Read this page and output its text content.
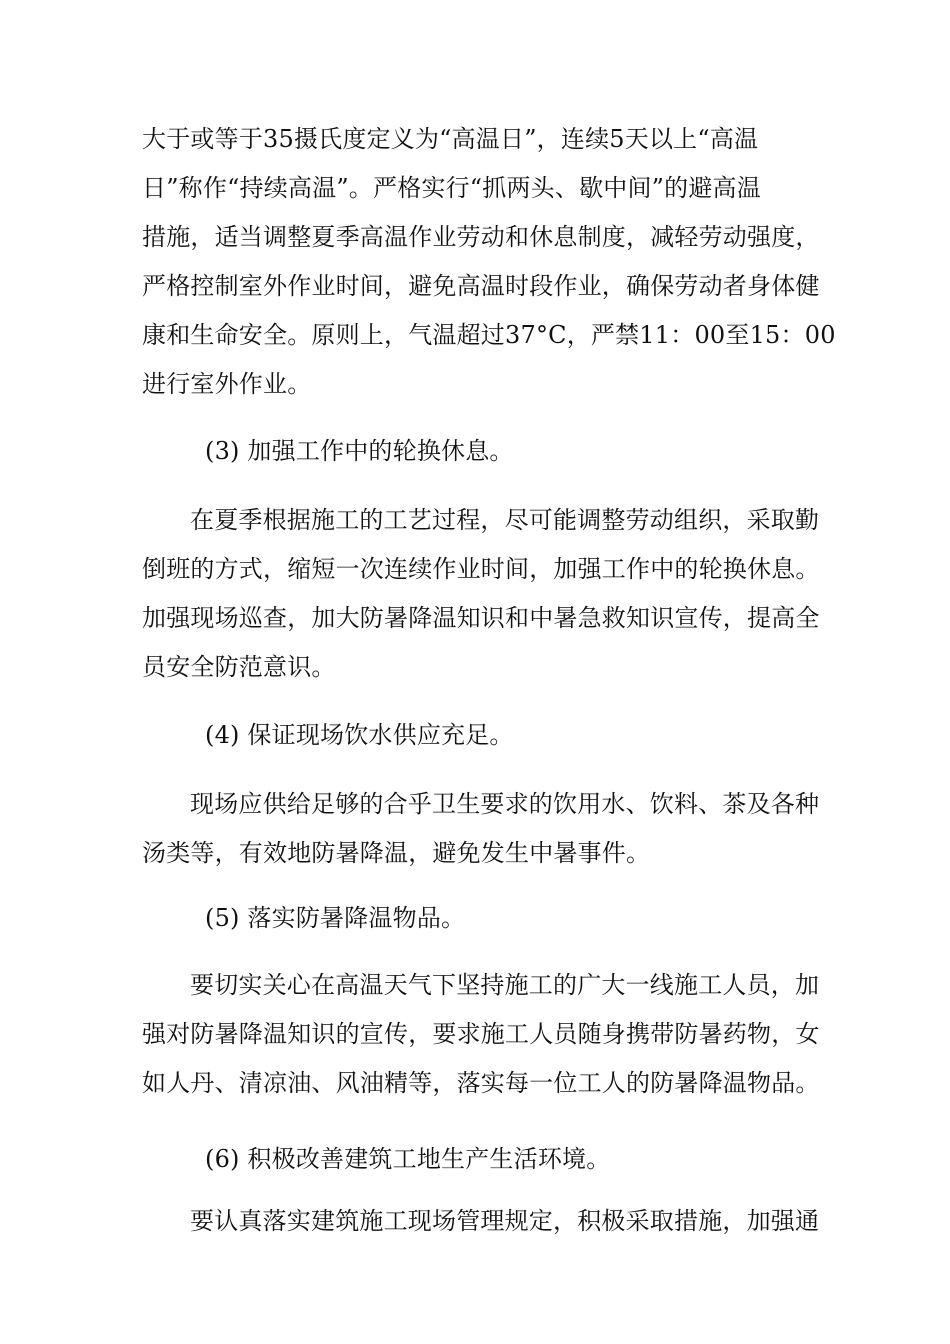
大于或等于35摄氏度定义为“高温日”，连续5天以上“高温
日”称作“持续高温”。严格实行“抓两头、歇中间”的避高温
措施，适当调整夏季高温作业劳动和休息制度，减轻劳动强度，
严格控制室外作业时间，避免高温时段作业，确保劳动者身体健
康和生命安全。原则上，气温超过37°C，严禁11：00至15：00
进行室外作业。
(3) 加强工作中的轮换休息。
在夏季根据施工的工艺过程，尽可能调整劳动组织，采取勤
倒班的方式，缩短一次连续作业时间，加强工作中的轮换休息。
加强现场巡查，加大防暑降温知识和中暑急救知识宣传，提高全
员安全防范意识。
(4) 保证现场饮水供应充足。
现场应供给足够的合乎卫生要求的饮用水、饮料、茶及各种
汤类等，有效地防暑降温，避免发生中暑事件。
(5) 落实防暑降温物品。
要切实关心在高温天气下坚持施工的广大一线施工人员，加
强对防暑降温知识的宣传，要求施工人员随身携带防暑药物，女
如人丹、清凉油、风油精等，落实每一位工人的防暑降温物品。
(6) 积极改善建筑工地生产生活环境。
要认真落实建筑施工现场管理规定，积极采取措施，加强通
